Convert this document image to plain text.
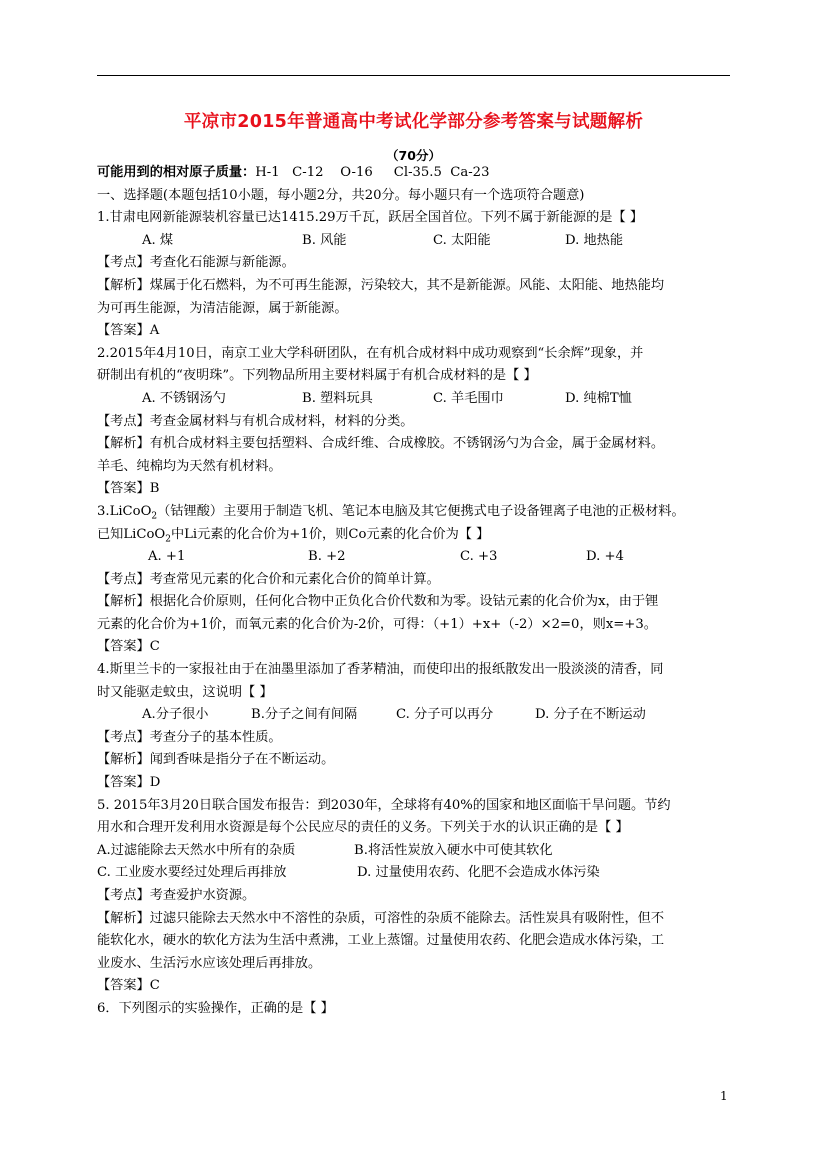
平凉市2015年普通高中考试化学部分参考答案与试题解析
（70分）
可能用到的相对原子质量：H-1   C-12    O-16     Cl-35.5  Ca-23
一、选择题(本题包括10小题，每小题2分，共20分。每小题只有一个选项符合题意)
1.甘肃电网新能源装机容量已达1415.29万千瓦，跃居全国首位。下列不属于新能源的是【 】
A. 煤	B. 风能	C. 太阳能	D. 地热能
【考点】考查化石能源与新能源。
【解析】煤属于化石燃料，为不可再生能源，污染较大，其不是新能源。风能、太阳能、地热能均
为可再生能源，为清洁能源，属于新能源。
【答案】A
2.2015年4月10日，南京工业大学科研团队，在有机合成材料中成功观察到“长余辉”现象，并
研制出有机的“夜明珠”。下列物品所用主要材料属于有机合成材料的是【 】
A. 不锈钢汤勺	B. 塑料玩具	C. 羊毛围巾	D. 纯棉T恤
【考点】考查金属材料与有机合成材料，材料的分类。
【解析】有机合成材料主要包括塑料、合成纤维、合成橡胶。不锈钢汤勺为合金，属于金属材料。
羊毛、纯棉均为天然有机材料。
【答案】B
3.LiCoO$_2$（钴锂酸）主要用于制造飞机、笔记本电脑及其它便携式电子设备锂离子电池的正极材料。
已知LiCoO$_2$中Li元素的化合价为+1价，则Co元素的化合价为【 】
A. +1	B. +2	C. +3	D. +4
【考点】考查常见元素的化合价和元素化合价的简单计算。
【解析】根据化合价原则，任何化合物中正负化合价代数和为零。设钴元素的化合价为x，由于锂
元素的化合价为+1价，而氧元素的化合价为-2价，可得：（+1）+x+（-2）×2=0，则x=+3。
【答案】C
4.斯里兰卡的一家报社由于在油墨里添加了香茅精油，而使印出的报纸散发出一股淡淡的清香，同
时又能驱走蚊虫，这说明【 】
A.分子很小	B.分子之间有间隔	C. 分子可以再分	D. 分子在不断运动
【考点】考查分子的基本性质。
【解析】闻到香味是指分子在不断运动。
【答案】D
5. 2015年3月20日联合国发布报告：到2030年，全球将有40%的国家和地区面临干旱问题。节约
用水和合理开发利用水资源是每个公民应尽的责任的义务。下列关于水的认识正确的是【 】
A.过滤能除去天然水中所有的杂质	B.将活性炭放入硬水中可使其软化
C. 工业废水要经过处理后再排放	D. 过量使用农药、化肥不会造成水体污染
【考点】考查爱护水资源。
【解析】过滤只能除去天然水中不溶性的杂质，可溶性的杂质不能除去。活性炭具有吸附性，但不
能软化水，硬水的软化方法为生活中煮沸，工业上蒸馏。过量使用农药、化肥会造成水体污染，工
业废水、生活污水应该处理后再排放。
【答案】C
6．下列图示的实验操作，正确的是【 】
1
